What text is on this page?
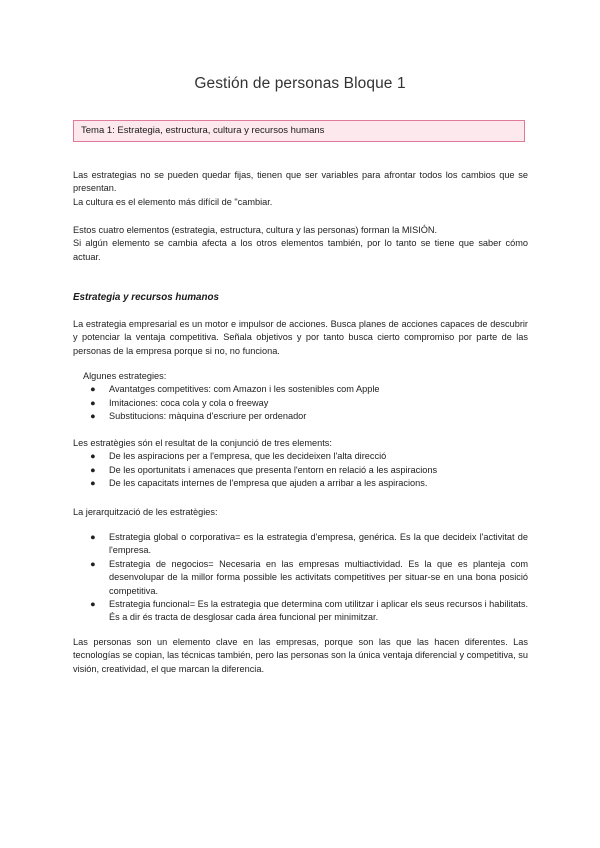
Gestión de personas Bloque 1
Tema 1: Estrategia, estructura, cultura y recursos humans

Las estrategias no se pueden quedar fijas, tienen que ser variables para afrontar todos los cambios que se presentan.

La cultura es el elemento más difícil de "cambiar.

Estos cuatro elementos (estrategia, estructura, cultura y las personas) forman la MISIÓN.

Si algún elemento se cambia afecta a los otros elementos también, por lo tanto se tiene que saber cómo actuar.

Estrategia y recursos humanos

La estrategia empresarial es un motor e impulsor de acciones. Busca planes de acciones capaces de descubrir y potenciar la ventaja competitiva. Señala objetivos y por tanto busca cierto compromiso por parte de las personas de la empresa porque si no, no funciona.

Algunes estrategies:

● Avantatges competitives: com Amazon i les sostenibles com Apple
● Imitaciones: coca cola y cola o freeway
● Substitucions: màquina d'escriure per ordenador

Les estratègies són el resultat de la conjunció de tres elements:

● De les aspiracions per a l'empresa, que les decideixen l'alta direcció
● De les oportunitats i amenaces que presenta l'entorn en relació a les aspiracions
● De les capacitats internes de l'empresa que ajuden a arribar a les aspiracions.

La jerarquització de les estratègies:

● Estrategia global o corporativa= es la estrategia d'empresa, genérica. Es la que decideix l'activitat de l'empresa.
● Estrategia de negocios= Necesaria en las empresas multiactividad. Es la que es planteja com desenvolupar de la millor forma possible les activitats competitives per situar-se en una bona posició competitiva.
● Estrategia funcional= Es la estrategia que determina com utilitzar i aplicar els seus recursos i habilitats. És a dir és tracta de desglosar cada área funcional per minimitzar.

Las personas son un elemento clave en las empresas, porque son las que las hacen diferentes. Las tecnologías se copian, las técnicas también, pero las personas son la única ventaja diferencial y competitiva, su visión, creatividad, el que marcan la diferencia.
